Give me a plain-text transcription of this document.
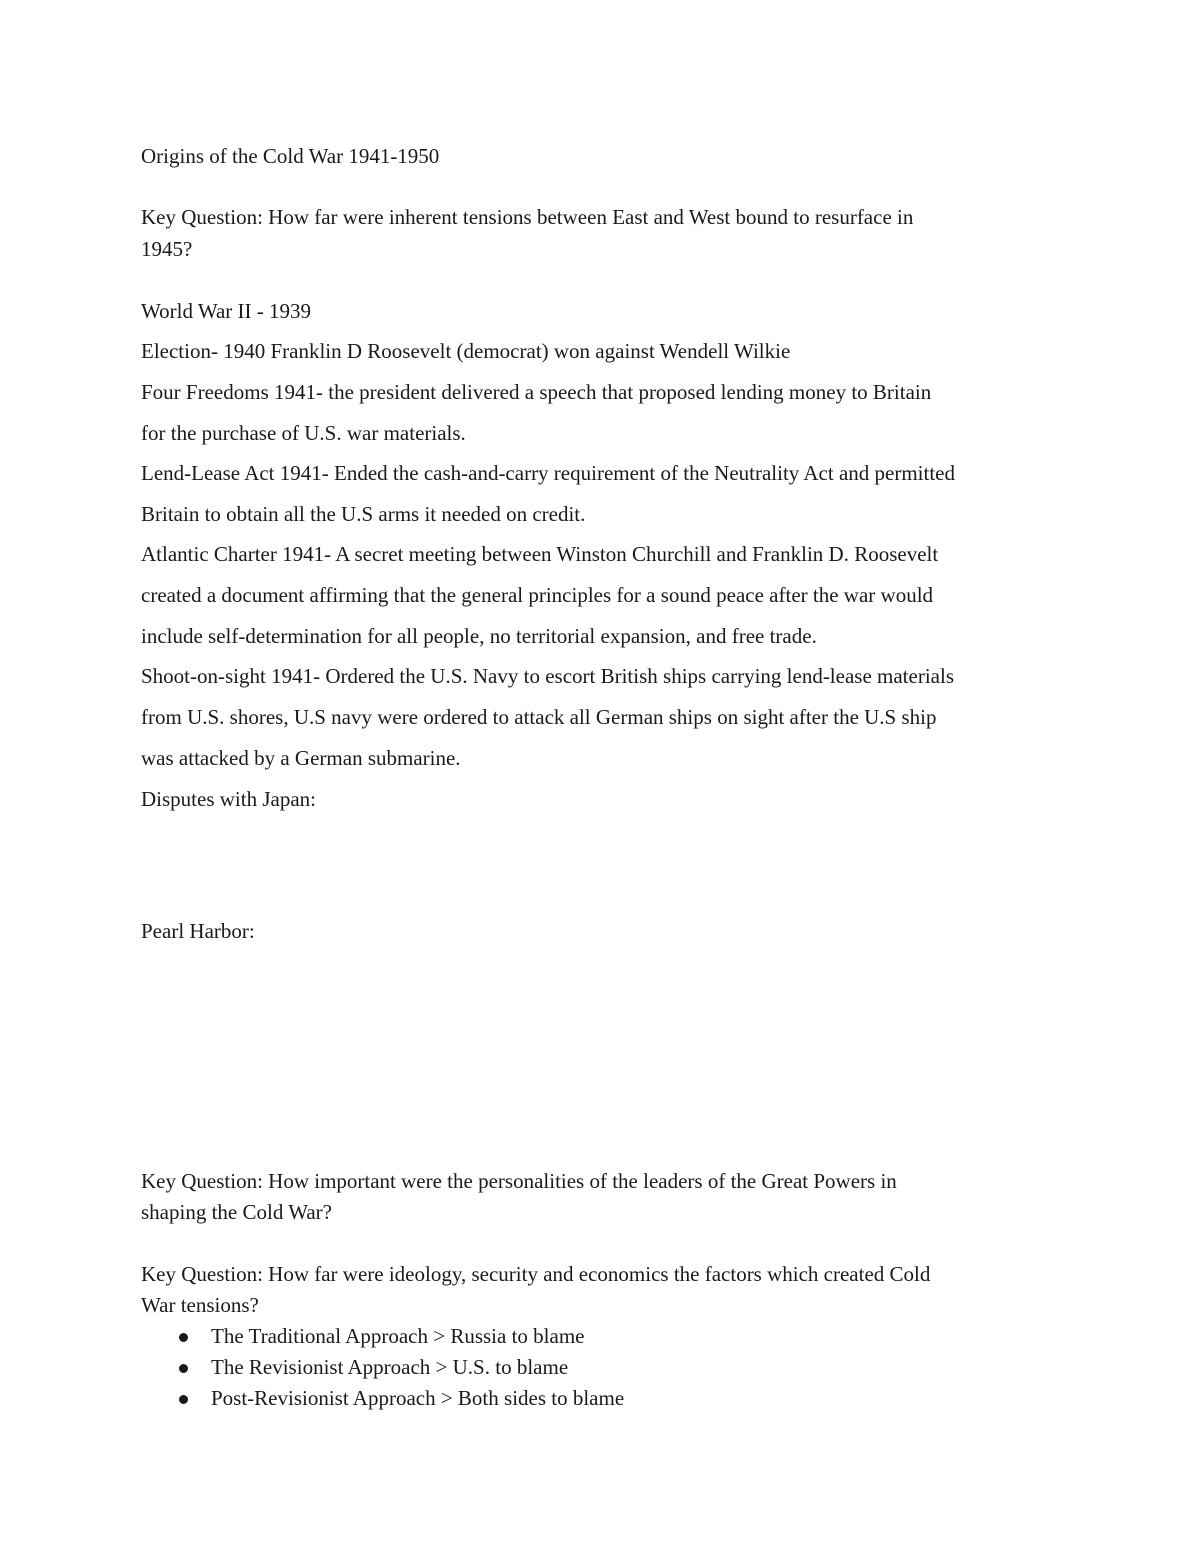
Origins of the Cold War 1941-1950
Key Question: How far were inherent tensions between East and West bound to resurface in
1945?
World War II - 1939
Election- 1940 Franklin D Roosevelt (democrat) won against Wendell Wilkie
Four Freedoms 1941- the president delivered a speech that proposed lending money to Britain
for the purchase of U.S. war materials.
Lend-Lease Act 1941- Ended the cash-and-carry requirement of the Neutrality Act and permitted
Britain to obtain all the U.S arms it needed on credit.
Atlantic Charter 1941- A secret meeting between Winston Churchill and Franklin D. Roosevelt
created a document affirming that the general principles for a sound peace after the war would
include self-determination for all people, no territorial expansion, and free trade.
Shoot-on-sight 1941- Ordered the U.S. Navy to escort British ships carrying lend-lease materials
from U.S. shores, U.S navy were ordered to attack all German ships on sight after the U.S ship
was attacked by a German submarine.
Disputes with Japan:
Pearl Harbor:
Key Question: How important were the personalities of the leaders of the Great Powers in
shaping the Cold War?
Key Question: How far were ideology, security and economics the factors which created Cold
War tensions?
The Traditional Approach > Russia to blame
The Revisionist Approach > U.S. to blame
Post-Revisionist Approach > Both sides to blame
